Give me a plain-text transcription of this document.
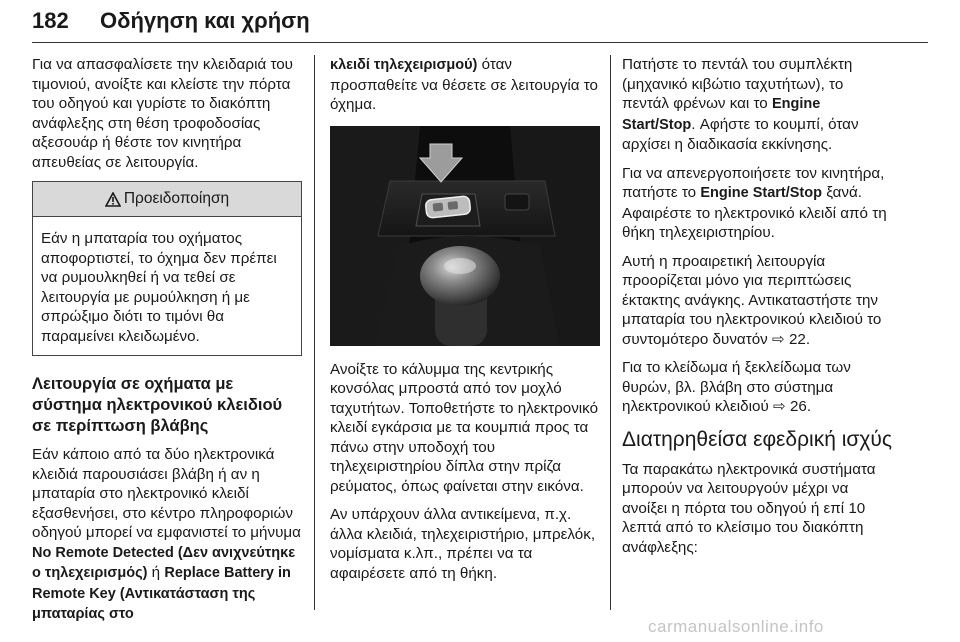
182 Οδήγηση και χρήση

Για να απασφαλίσετε την κλειδαριά του τιμονιού, ανοίξτε και κλείστε την πόρτα του οδηγού και γυρίστε το διακόπτη ανάφλεξης στη θέση τροφοδοσίας αξεσουάρ ή θέστε τον κινητήρα απευθείας σε λειτουργία.

Προειδοποίηση
Εάν η μπαταρία του οχήματος αποφορτιστεί, το όχημα δεν πρέπει να ρυμουλκηθεί ή να τεθεί σε λειτουργία με ρυμούλκηση ή με σπρώξιμο διότι το τιμόνι θα παραμείνει κλειδωμένο.
Λειτουργία σε οχήματα με σύστημα ηλεκτρονικού κλειδιού σε περίπτωση βλάβης

Εάν κάποιο από τα δύο ηλεκτρονικά κλειδιά παρουσιάσει βλάβη ή αν η μπαταρία στο ηλεκτρονικό κλειδί εξασθενήσει, στο κέντρο πληροφοριών οδηγού μπορεί να εμφανιστεί το μήνυμα No Remote Detected (Δεν ανιχνεύτηκε ο τηλεχειρισμός) ή Replace Battery in Remote Key (Αντικατάσταση της μπαταρίας στο

κλειδί τηλεχειρισμού) όταν προσπαθείτε να θέσετε σε λειτουργία το όχημα.

Ανοίξτε το κάλυμμα της κεντρικής κονσόλας μπροστά από τον μοχλό ταχυτήτων. Τοποθετήστε το ηλεκτρονικό κλειδί εγκάρσια με τα κουμπιά προς τα πάνω στην υποδοχή του τηλεχειριστηρίου δίπλα στην πρίζα ρεύματος, όπως φαίνεται στην εικόνα.

Αν υπάρχουν άλλα αντικείμενα, π.χ. άλλα κλειδιά, τηλεχειριστήριο, μπρελόκ, νομίσματα κ.λπ., πρέπει να τα αφαιρέσετε από τη θήκη.

Πατήστε το πεντάλ του συμπλέκτη (μηχανικό κιβώτιο ταχυτήτων), το πεντάλ φρένων και το Engine Start/Stop. Αφήστε το κουμπί, όταν αρχίσει η διαδικασία εκκίνησης.

Για να απενεργοποιήσετε τον κινητήρα, πατήστε το Engine Start/Stop ξανά. Αφαιρέστε το ηλεκτρονικό κλειδί από τη θήκη τηλεχειριστηρίου.

Αυτή η προαιρετική λειτουργία προορίζεται μόνο για περιπτώσεις έκτακτης ανάγκης. Αντικαταστήστε την μπαταρία του ηλεκτρονικού κλειδιού το συντομότερο δυνατόν ⇨ 22.

Για το κλείδωμα ή ξεκλείδωμα των θυρών, βλ. βλάβη στο σύστημα ηλεκτρονικού κλειδιού ⇨ 26.

Διατηρηθείσα εφεδρική ισχύς

Τα παρακάτω ηλεκτρονικά συστήματα μπορούν να λειτουργούν μέχρι να ανοίξει η πόρτα του οδηγού ή επί 10 λεπτά από το κλείσιμο του διακόπτη ανάφλεξης:

carmanualsonline.info
